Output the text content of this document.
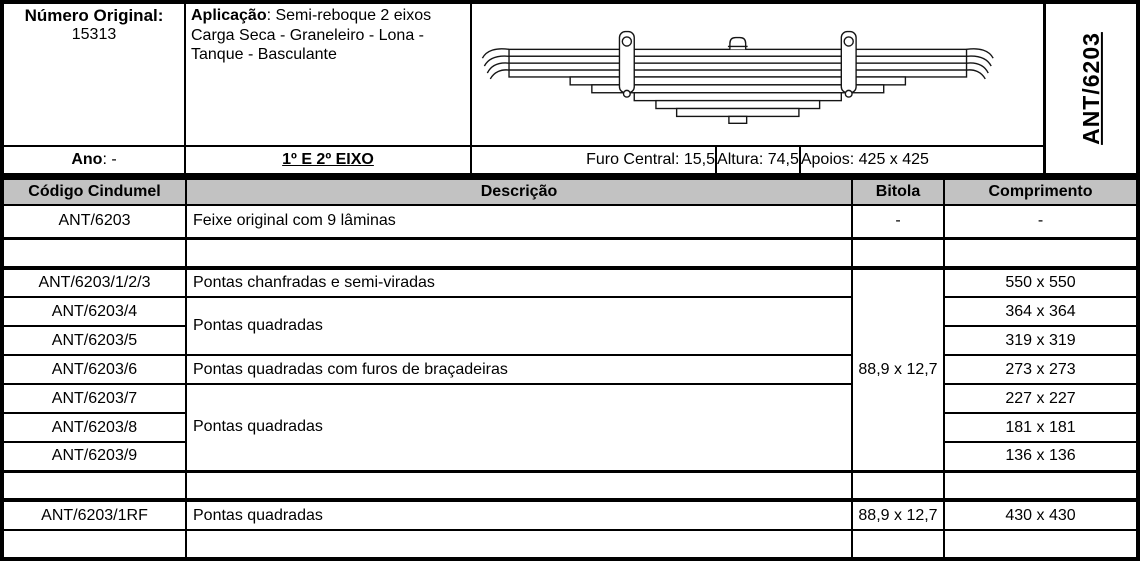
Número Original:
15313
Aplicação: Semi-reboque 2 eixos Carga Seca - Graneleiro - Lona - Tanque - Basculante	ANT/6203
Ano : -	1º E 2º EIXO	Furo Central: 15,5 Altura: 74,5 Apoios: 425 x 425
Código Cindumel	Descrição	Bitola	Comprimento
ANT/6203	Feixe original com 9 lâminas	-	-

ANT/6203/1/2/3	Pontas chanfradas e semi-viradas	88,9 x 12,7	550 x 550
ANT/6203/4	Pontas quadradas		364 x 364
ANT/6203/5			319 x 319
ANT/6203/6	Pontas quadradas com furos de braçadeiras		273 x 273
ANT/6203/7	Pontas quadradas		227 x 227
ANT/6203/8			181 x 181
ANT/6203/9			136 x 136

ANT/6203/1RF	Pontas quadradas	88,9 x 12,7	430 x 430
